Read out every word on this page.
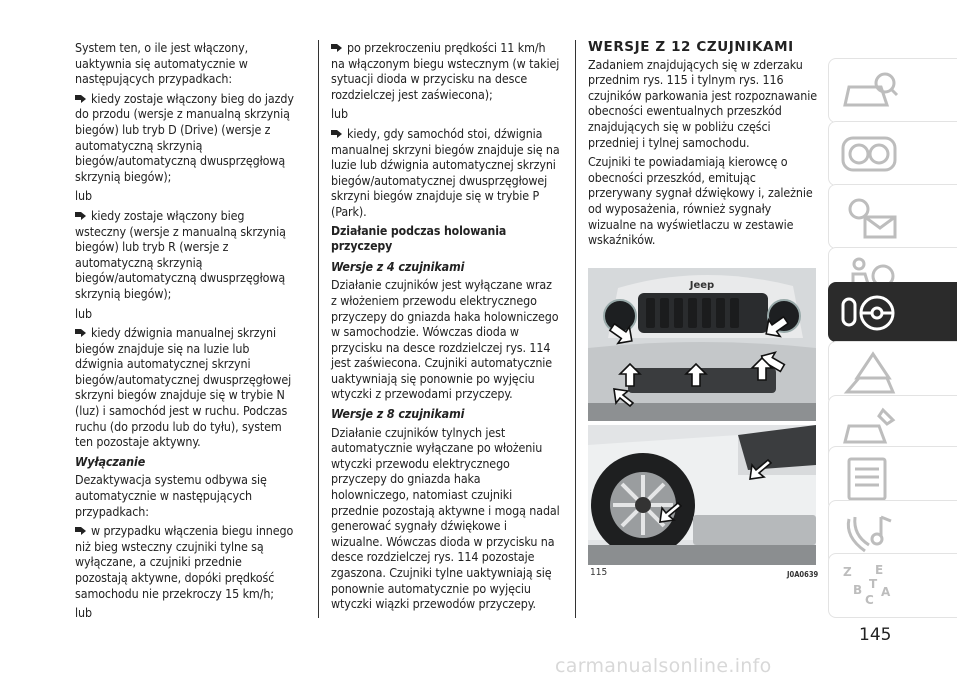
System ten, o ile jest włączony, uaktywnia się automatycznie w następujących przypadkach:

kiedy zostaje włączony bieg do jazdy do przodu (wersje z manualną skrzynią biegów) lub tryb D (Drive) (wersje z automatyczną skrzynią biegów/automatyczną dwusprzęgłową skrzynią biegów);

lub

kiedy zostaje włączony bieg wsteczny (wersje z manualną skrzynią biegów) lub tryb R (wersje z automatyczną skrzynią biegów/automatyczną dwusprzęgłową skrzynią biegów);

lub

kiedy dźwignia manualnej skrzyni biegów znajduje się na luzie lub dźwignia automatycznej skrzyni biegów/automatycznej dwusprzęgłowej skrzyni biegów znajduje się w trybie N (luz) i samochód jest w ruchu. Podczas ruchu (do przodu lub do tyłu), system ten pozostaje aktywny.

Wyłączanie

Dezaktywacja systemu odbywa się automatycznie w następujących przypadkach:

w przypadku włączenia biegu innego niż bieg wsteczny czujniki tylne są wyłączane, a czujniki przednie pozostają aktywne, dopóki prędkość samochodu nie przekroczy 15 km/h;

lub

po przekroczeniu prędkości 11 km/h na włączonym biegu wstecznym (w takiej sytuacji dioda w przycisku na desce rozdzielczej jest zaświecona);

lub

kiedy, gdy samochód stoi, dźwignia manualnej skrzyni biegów znajduje się na luzie lub dźwignia automatycznej skrzyni biegów/automatycznej dwusprzęgłowej skrzyni biegów znajduje się w trybie P (Park).

Działanie podczas holowania przyczepy
Wersje z 4 czujnikami

Działanie czujników jest wyłączane wraz z włożeniem przewodu elektrycznego przyczepy do gniazda haka holowniczego w samochodzie. Wówczas dioda w przycisku na desce rozdzielczej rys. 114 jest zaświecona. Czujniki automatycznie uaktywniają się ponownie po wyjęciu wtyczki z przewodami przyczepy.

Wersje z 8 czujnikami

Działanie czujników tylnych jest automatycznie wyłączane po włożeniu wtyczki przewodu elektrycznego przyczepy do gniazda haka holowniczego, natomiast czujniki przednie pozostają aktywne i mogą nadal generować sygnały dźwiękowe i wizualne. Wówczas dioda w przycisku na desce rozdzielczej rys. 114 pozostaje zgaszona. Czujniki tylne uaktywniają się ponownie automatycznie po wyjęciu wtyczki wiązki przewodów przyczepy.

WERSJE Z 12 CZUJNIKAMI

Zadaniem znajdujących się w zderzaku przednim rys. 115 i tylnym rys. 116 czujników parkowania jest rozpoznawanie obecności ewentualnych przeszkód znajdujących się w pobliżu części przedniej i tylnej samochodu.

Czujniki te powiadamiają kierowcę o obecności przeszkód, emitując przerywany sygnał dźwiękowy i, zależnie od wyposażenia, również sygnały wizualne na wyświetlaczu w zestawie wskaźników.

Jeep
115	J0A0639 Z E
B
C
A
T
145
carmanualsonline.info
